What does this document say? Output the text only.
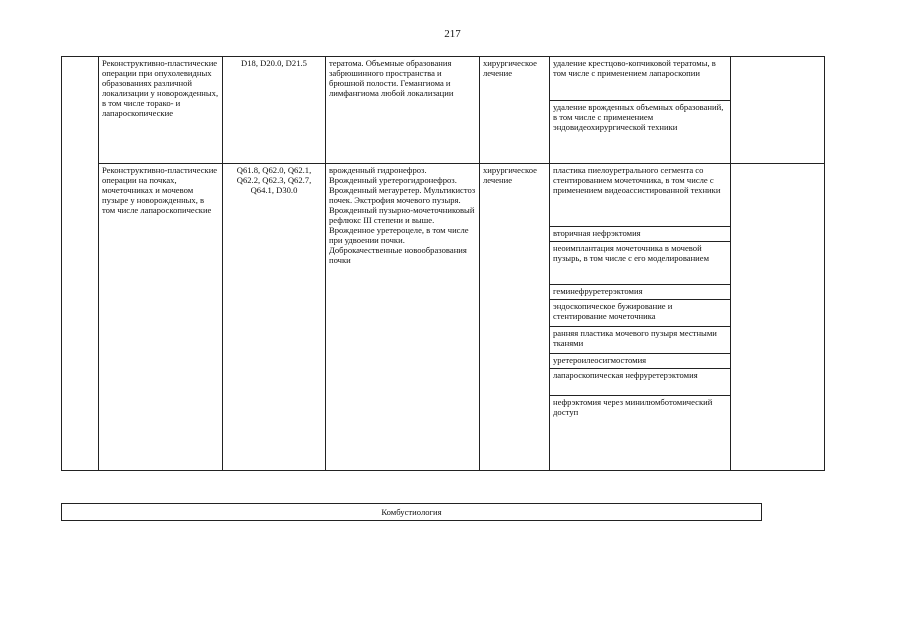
217
	Реконструктивно-пластические операции при опухолевидных образованиях различной локализации у новорожденных, в том числе торако- и лапароскопические	D18, D20.0, D21.5	тератома. Объемные образования забрюшинного пространства и брюшной полости. Гемангиома и лимфангиома любой локализации	хирургическое лечение	удаление крестцово-копчиковой тератомы, в том числе с применением лапароскопии	
					удаление врожденных объемных образований, в том числе с применением эндовидеохирургической техники	
	Реконструктивно-пластические операции на почках, мочеточниках и мочевом пузыре у новорожденных, в том числе лапароскопические	Q61.8, Q62.0, Q62.1, Q62.2, Q62.3, Q62.7, Q64.1, D30.0	врожденный гидронефроз. Врожденный уретерогидронефроз. Врожденный мегауретер. Мультикистоз почек. Экстрофия мочевого пузыря. Врожденный пузырно-мочеточниковый рефлюкс III степени и выше. Врожденное уретероцеле, в том числе при удвоении почки. Доброкачественные новообразования почки	хирургическое лечение	пластика пиелоуретрального сегмента со стентированием мочеточника, в том числе с применением видеоассистированной техники	
					вторичная нефрэктомия	
					неоимплантация мочеточника в мочевой пузырь, в том числе с его моделированием	
					геминефруретерэктомия	
					эндоскопическое бужирование и стентирование мочеточника	
					ранняя пластика мочевого пузыря местными тканями	
					уретероилеосигмостомия	
					лапароскопическая нефруретерэктомия	
					нефрэктомия через минилюмботомический доступ	
Комбустиология
